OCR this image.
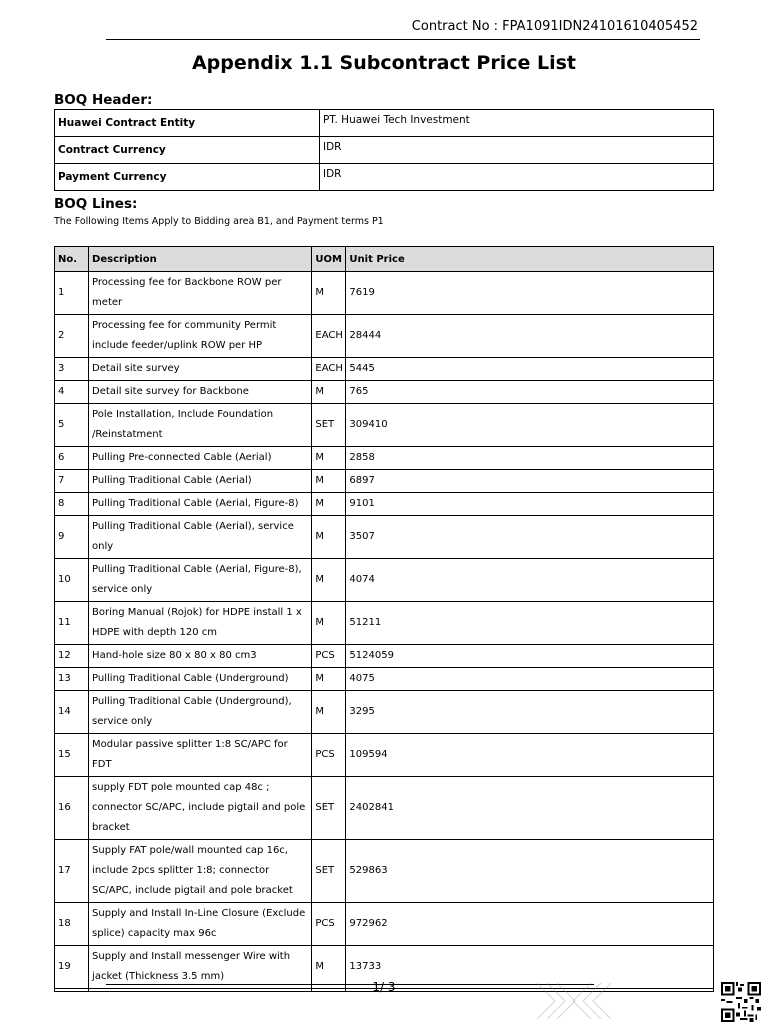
Contract No : FPA1091IDN24101610405452
Appendix 1.1 Subcontract Price List
BOQ Header:
Huawei Contract Entity	PT. Huawei Tech Investment
Contract Currency	IDR
Payment Currency	IDR
BOQ Lines:
The Following Items Apply to Bidding area B1, and Payment terms P1
No.	Description	UOM	Unit Price
1	Processing fee for Backbone ROW per meter	M	7619
2	Processing fee for community Permit include feeder/uplink ROW per HP	EACH	28444
3	Detail site survey	EACH	5445
4	Detail site survey for Backbone	M	765
5	Pole Installation, Include Foundation /Reinstatment	SET	309410
6	Pulling Pre-connected Cable (Aerial)	M	2858
7	Pulling Traditional Cable (Aerial)	M	6897
8	Pulling Traditional Cable (Aerial, Figure-8)	M	9101
9	Pulling Traditional Cable (Aerial), service only	M	3507
10	Pulling Traditional Cable (Aerial, Figure-8), service only	M	4074
11	Boring Manual (Rojok) for HDPE install 1 x HDPE with depth 120 cm	M	51211
12	Hand-hole size 80 x 80 x 80 cm3	PCS	5124059
13	Pulling Traditional Cable (Underground)	M	4075
14	Pulling Traditional Cable (Underground), service only	M	3295
15	Modular passive splitter 1:8 SC/APC for FDT	PCS	109594
16	supply FDT pole mounted cap 48c ; connector SC/APC, include pigtail and pole bracket	SET	2402841
17	Supply FAT pole/wall mounted cap 16c, include 2pcs splitter 1:8; connector SC/APC, include pigtail and pole bracket	SET	529863
18	Supply and Install In-Line Closure (Exclude splice) capacity max 96c	PCS	972962
19	Supply and Install messenger Wire with jacket (Thickness 3.5 mm)	M	13733

1/ 3
